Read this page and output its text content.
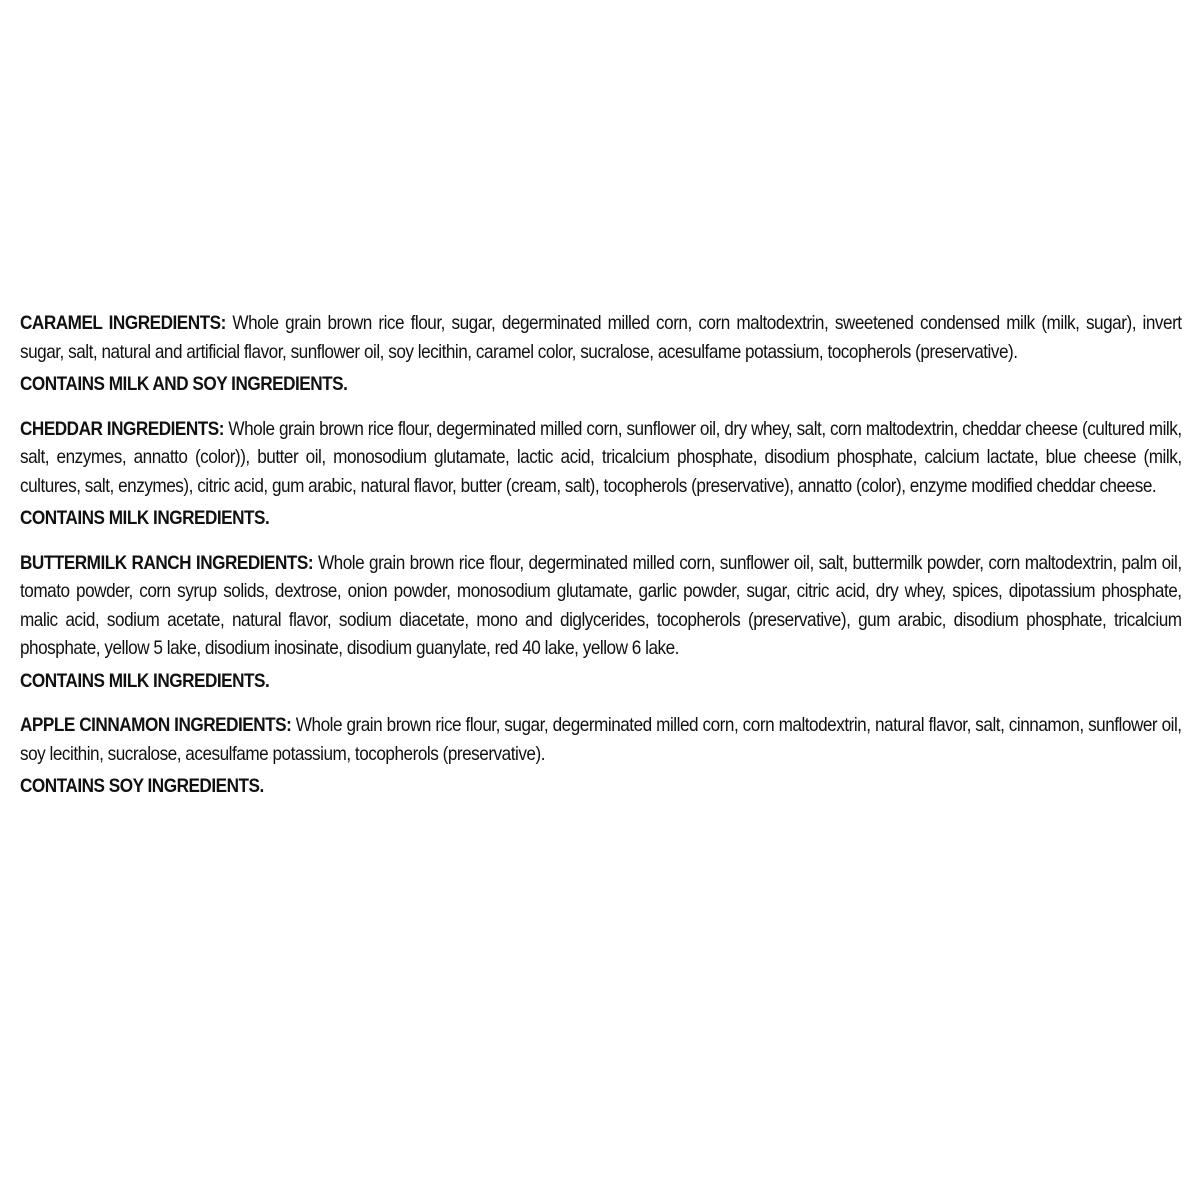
CARAMEL INGREDIENTS: Whole grain brown rice flour, sugar, degerminated milled corn, corn maltodextrin, sweetened condensed milk (milk, sugar), invert sugar, salt, natural and artificial flavor, sunflower oil, soy lecithin, caramel color, sucralose, acesulfame potassium, tocopherols (preservative).

CONTAINS MILK AND SOY INGREDIENTS.

CHEDDAR INGREDIENTS: Whole grain brown rice flour, degerminated milled corn, sunflower oil, dry whey, salt, corn maltodextrin, cheddar cheese (cultured milk, salt, enzymes, annatto (color)), butter oil, monosodium glutamate, lactic acid, tricalcium phosphate, disodium phosphate, calcium lactate, blue cheese (milk, cultures, salt, enzymes), citric acid, gum arabic, natural flavor, butter (cream, salt), tocopherols (preservative), annatto (color), enzyme modified cheddar cheese.

CONTAINS MILK INGREDIENTS.

BUTTERMILK RANCH INGREDIENTS: Whole grain brown rice flour, degerminated milled corn, sunflower oil, salt, buttermilk powder, corn maltodextrin, palm oil, tomato powder, corn syrup solids, dextrose, onion powder, monosodium glutamate, garlic powder, sugar, citric acid, dry whey, spices, dipotassium phosphate, malic acid, sodium acetate, natural flavor, sodium diacetate, mono and diglycerides, tocopherols (preservative), gum arabic, disodium phosphate, tricalcium phosphate, yellow 5 lake, disodium inosinate, disodium guanylate, red 40 lake, yellow 6 lake.

CONTAINS MILK INGREDIENTS.

APPLE CINNAMON INGREDIENTS: Whole grain brown rice flour, sugar, degerminated milled corn, corn maltodextrin, natural flavor, salt, cinnamon, sunflower oil, soy lecithin, sucralose, acesulfame potassium, tocopherols (preservative).

CONTAINS SOY INGREDIENTS.
